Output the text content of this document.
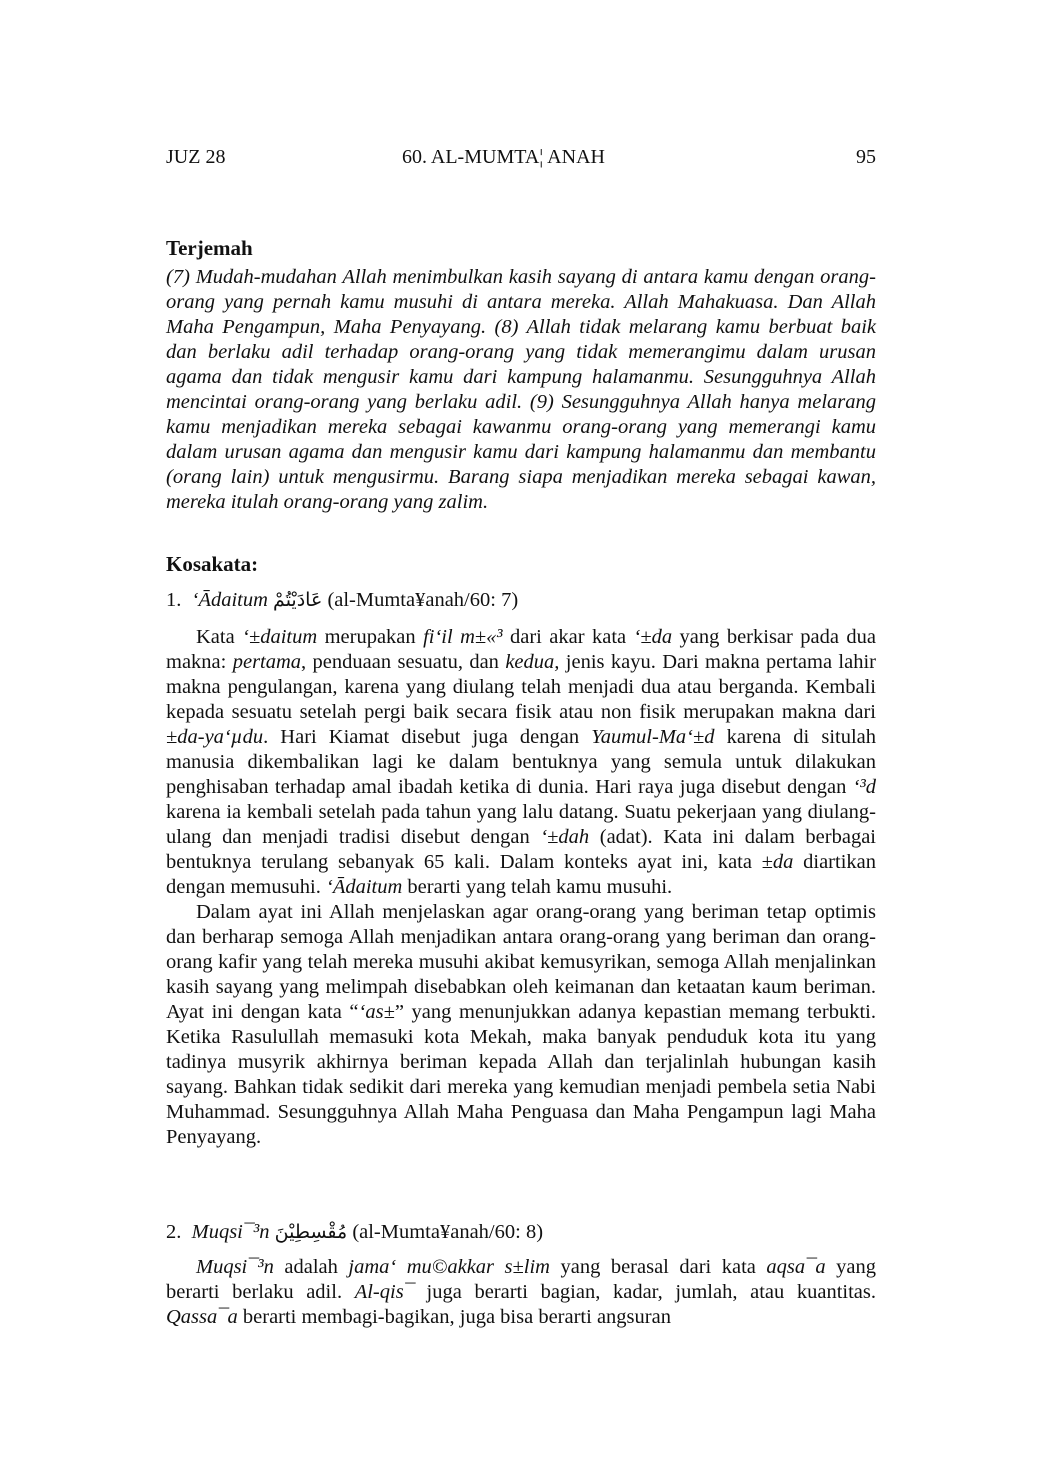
JUZ 28	60. AL-MUMTA¦ ANAH	95
Terjemah

(7) Mudah-mudahan Allah menimbulkan kasih sayang di antara kamu dengan orang-orang yang pernah kamu musuhi di antara mereka. Allah Mahakuasa. Dan Allah Maha Pengampun, Maha Penyayang. (8) Allah tidak melarang kamu berbuat baik dan berlaku adil terhadap orang-orang yang tidak memerangimu dalam urusan agama dan tidak mengusir kamu dari kampung halamanmu. Sesungguhnya Allah mencintai orang-orang yang berlaku adil. (9) Sesungguhnya Allah hanya melarang kamu menjadikan mereka sebagai kawanmu orang-orang yang memerangi kamu dalam urusan agama dan mengusir kamu dari kampung halamanmu dan membantu (orang lain) untuk mengusirmu. Barang siapa menjadikan mereka sebagai kawan, mereka itulah orang-orang yang zalim.

Kosakata:
1. ‘Ādaitum عَادَيْتُمْ (al-Mumta¥anah/60: 7)

Kata ‘±daitum merupakan fi‘il m±«³ dari akar kata ‘±da yang berkisar pada dua makna: pertama, penduaan sesuatu, dan kedua, jenis kayu. Dari makna pertama lahir makna pengulangan, karena yang diulang telah menjadi dua atau berganda. Kembali kepada sesuatu setelah pergi baik secara fisik atau non fisik merupakan makna dari ±da-ya‘µdu. Hari Kiamat disebut juga dengan Yaumul-Ma‘±d karena di situlah manusia dikembalikan lagi ke dalam bentuknya yang semula untuk dilakukan penghisaban terhadap amal ibadah ketika di dunia. Hari raya juga disebut dengan ‘³d karena ia kembali setelah pada tahun yang lalu datang. Suatu pekerjaan yang diulang-ulang dan menjadi tradisi disebut dengan ‘±dah (adat). Kata ini dalam berbagai bentuknya terulang sebanyak 65 kali. Dalam konteks ayat ini, kata ±da diartikan dengan memusuhi. ‘Ādaitum berarti yang telah kamu musuhi.

Dalam ayat ini Allah menjelaskan agar orang-orang yang beriman tetap optimis dan berharap semoga Allah menjadikan antara orang-orang yang beriman dan orang-orang kafir yang telah mereka musuhi akibat kemusyrikan, semoga Allah menjalinkan kasih sayang yang melimpah disebabkan oleh keimanan dan ketaatan kaum beriman. Ayat ini dengan kata “‘as±” yang menunjukkan adanya kepastian memang terbukti. Ketika Rasulullah memasuki kota Mekah, maka banyak penduduk kota itu yang tadinya musyrik akhirnya beriman kepada Allah dan terjalinlah hubungan kasih sayang. Bahkan tidak sedikit dari mereka yang kemudian menjadi pembela setia Nabi Muhammad. Sesungguhnya Allah Maha Penguasa dan Maha Pengampun lagi Maha Penyayang.

2. Muqsi¯³n مُقْسِطِيْنَ (al-Mumta¥anah/60: 8)

Muqsi¯³n adalah jama‘ mu©akkar s±lim yang berasal dari kata aqsa¯a yang berarti berlaku adil. Al-qis¯ juga berarti bagian, kadar, jumlah, atau kuantitas. Qassa¯a berarti membagi-bagikan, juga bisa berarti angsuran
